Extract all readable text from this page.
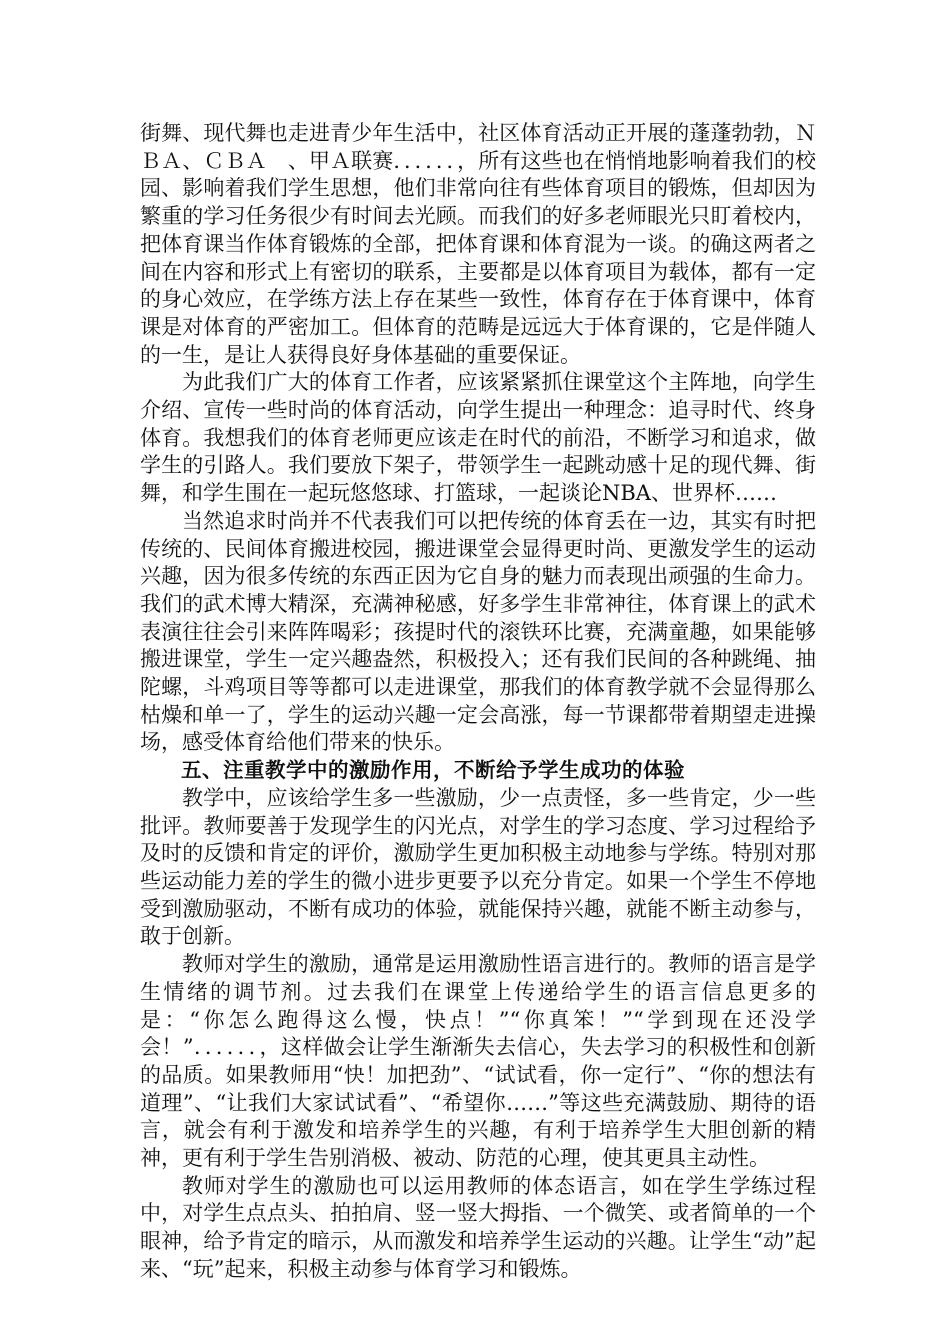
街舞、现代舞也走进青少年生活中，社区体育活动正开展的蓬蓬勃勃，ＮＢＡ、ＣＢＡ　、甲Ａ联赛．．．．．．，所有这些也在悄悄地影响着我们的校园、影响着我们学生思想，他们非常向往有些体育项目的锻炼，但却因为繁重的学习任务很少有时间去光顾。而我们的好多老师眼光只盯着校内，把体育课当作体育锻炼的全部，把体育课和体育混为一谈。的确这两者之间在内容和形式上有密切的联系，主要都是以体育项目为载体，都有一定的身心效应，在学练方法上存在某些一致性，体育存在于体育课中，体育课是对体育的严密加工。但体育的范畴是远远大于体育课的，它是伴随人的一生，是让人获得良好身体基础的重要保证。

为此我们广大的体育工作者，应该紧紧抓住课堂这个主阵地，向学生介绍、宣传一些时尚的体育活动，向学生提出一种理念：追寻时代、终身体育。我想我们的体育老师更应该走在时代的前沿，不断学习和追求，做学生的引路人。我们要放下架子，带领学生一起跳动感十足的现代舞、街舞，和学生围在一起玩悠悠球、打篮球，一起谈论NBA、世界杯……

当然追求时尚并不代表我们可以把传统的体育丢在一边，其实有时把传统的、民间体育搬进校园，搬进课堂会显得更时尚、更激发学生的运动兴趣，因为很多传统的东西正因为它自身的魅力而表现出顽强的生命力。我们的武术博大精深，充满神秘感，好多学生非常神往，体育课上的武术表演往往会引来阵阵喝彩；孩提时代的滚铁环比赛，充满童趣，如果能够搬进课堂，学生一定兴趣盎然，积极投入；还有我们民间的各种跳绳、抽陀螺，斗鸡项目等等都可以走进课堂，那我们的体育教学就不会显得那么枯燥和单一了，学生的运动兴趣一定会高涨，每一节课都带着期望走进操场，感受体育给他们带来的快乐。

五、注重教学中的激励作用，不断给予学生成功的体验

教学中，应该给学生多一些激励，少一点责怪，多一些肯定，少一些批评。教师要善于发现学生的闪光点，对学生的学习态度、学习过程给予及时的反馈和肯定的评价，激励学生更加积极主动地参与学练。特别对那些运动能力差的学生的微小进步更要予以充分肯定。如果一个学生不停地受到激励驱动，不断有成功的体验，就能保持兴趣，就能不断主动参与，敢于创新。

教师对学生的激励，通常是运用激励性语言进行的。教师的语言是学生情绪的调节剂。过去我们在课堂上传递给学生的语言信息更多的是：“你怎么跑得这么慢，快点！”“你真笨！”“学到现在还没学会！”．．．．．．，这样做会让学生渐渐失去信心，失去学习的积极性和创新的品质。如果教师用“快！加把劲”、“试试看，你一定行”、“你的想法有道理”、“让我们大家试试看”、“希望你……”等这些充满鼓励、期待的语言，就会有利于激发和培养学生的兴趣，有利于培养学生大胆创新的精神，更有利于学生告别消极、被动、防范的心理，使其更具主动性。

教师对学生的激励也可以运用教师的体态语言，如在学生学练过程中，对学生点点头、拍拍肩、竖一竖大拇指、一个微笑、或者简单的一个眼神，给予肯定的暗示，从而激发和培养学生运动的兴趣。让学生“动”起来、“玩”起来，积极主动参与体育学习和锻炼。
